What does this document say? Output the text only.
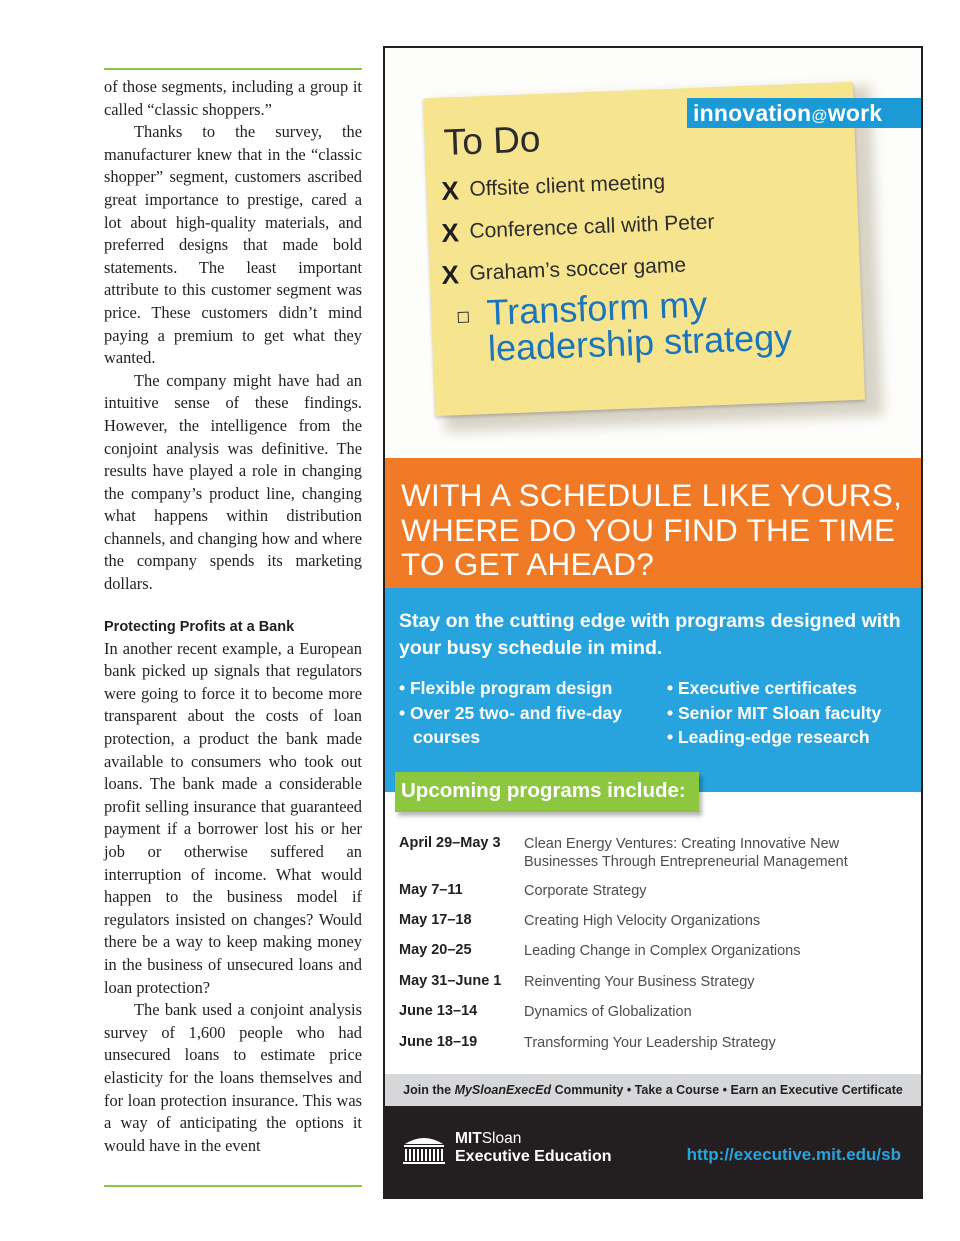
of those segments, including a group it called “classic shoppers.”

Thanks to the survey, the manufacturer knew that in the “classic shopper” segment, customers ascribed great importance to prestige, cared a lot about high-quality materials, and preferred designs that made bold statements. The least important attribute to this customer segment was price. These customers didn’t mind paying a premium to get what they wanted.

The company might have had an intuitive sense of these findings. However, the intelligence from the conjoint analysis was definitive. The results have played a role in changing the company’s product line, changing what happens within distribution channels, and changing how and where the company spends its marketing dollars.

Protecting Profits at a Bank

In another recent example, a European bank picked up signals that regulators were going to force it to become more transparent about the costs of loan protection, a product the bank made available to consumers who took out loans. The bank made a considerable profit selling insurance that guaranteed payment if a borrower lost his or her job or otherwise suffered an interruption of income. What would happen to the business model if regulators insisted on changes? Would there be a way to keep making money in the business of unsecured loans and loan protection?

The bank used a conjoint analysis survey of 1,600 people who had unsecured loans to estimate price elasticity for the loans themselves and for loan protection insurance. This was a way of anticipating the options it would have in the event

To Do
X Offsite client meeting
X Conference call with Peter
X Graham’s soccer game
Transform my leadership strategy
innovation@work
WITH A SCHEDULE LIKE YOURS, WHERE DO YOU FIND THE TIME TO GET AHEAD?
Stay on the cutting edge with programs designed with your busy schedule in mind.
• Flexible program design
• Over 25 two- and five-day courses
• Executive certificates
• Senior MIT Sloan faculty
• Leading-edge research
Upcoming programs include:
April 29–May 3	Clean Energy Ventures: Creating Innovative New Businesses Through Entrepreneurial Management
May 7–11	Corporate Strategy
May 17–18	Creating High Velocity Organizations
May 20–25	Leading Change in Complex Organizations
May 31–June 1	Reinventing Your Business Strategy
June 13–14	Dynamics of Globalization
June 18–19	Transforming Your Leadership Strategy
Join the MySloanExecEd Community • Take a Course • Earn an Executive Certificate
MITSloan
Executive Education	http://executive.mit.edu/sb
